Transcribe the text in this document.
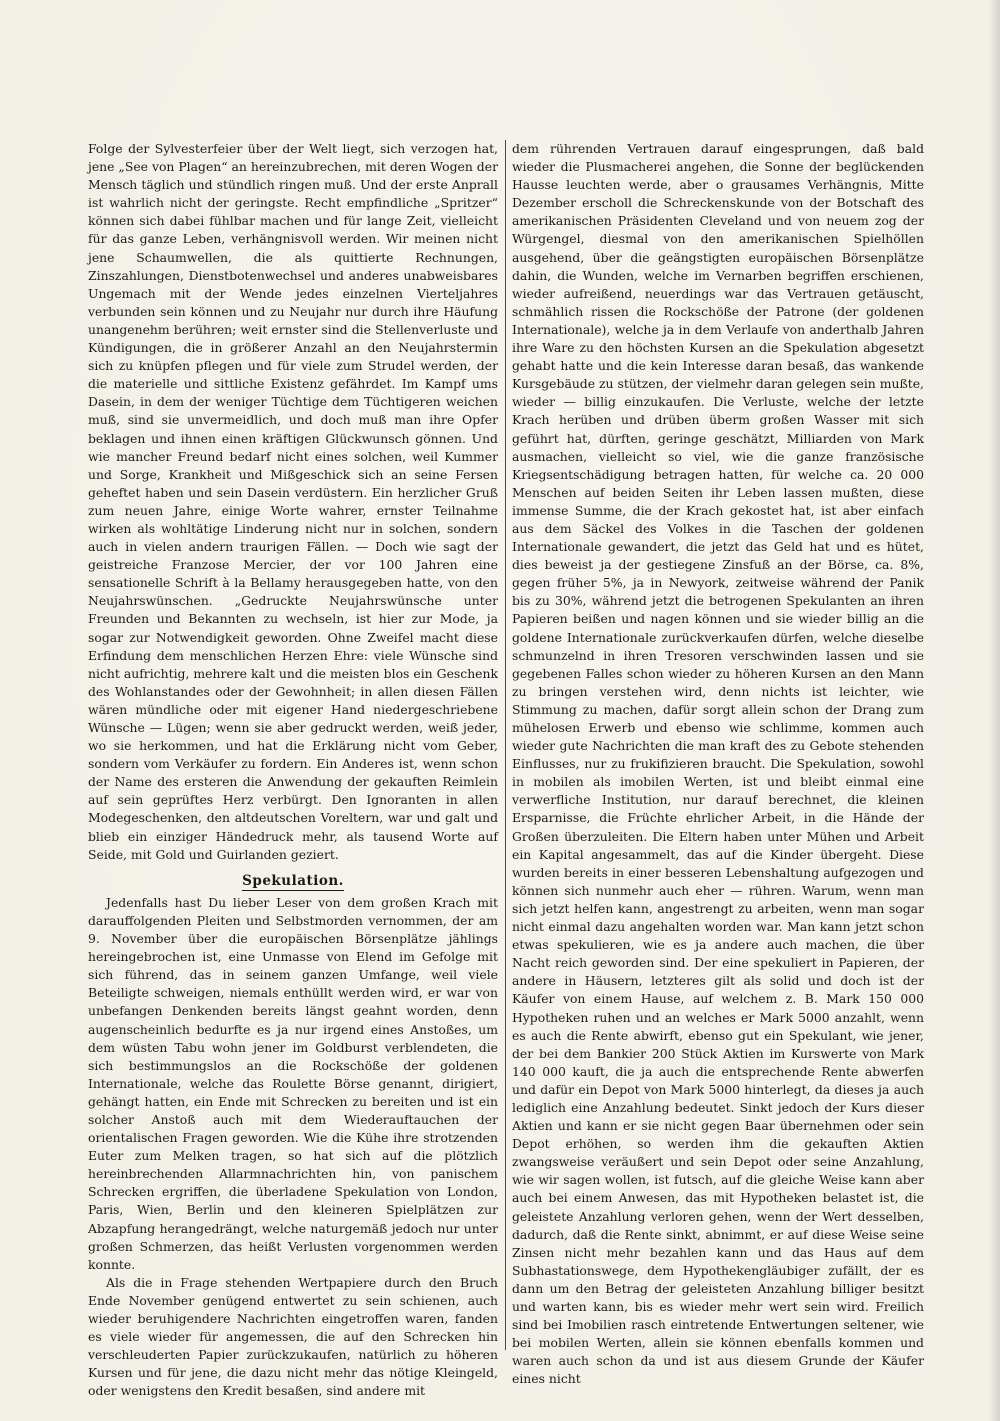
Folge der Sylvesterfeier über der Welt liegt, sich verzogen hat, jene „See von Plagen“ an hereinzubrechen, mit deren Wogen der Mensch täglich und stündlich ringen muß. Und der erste Anprall ist wahrlich nicht der geringste. Recht empfindliche „Spritzer“ können sich dabei fühlbar machen und für lange Zeit, vielleicht für das ganze Leben, verhängnisvoll werden. Wir meinen nicht jene Schaumwellen, die als quittierte Rechnungen, Zinszahlungen, Dienstbotenwechsel und anderes unabweisbares Ungemach mit der Wende jedes einzelnen Vierteljahres verbunden sein können und zu Neujahr nur durch ihre Häufung unangenehm berühren; weit ernster sind die Stellenverluste und Kündigungen, die in größerer Anzahl an den Neujahrstermin sich zu knüpfen pflegen und für viele zum Strudel werden, der die materielle und sittliche Existenz gefährdet. Im Kampf ums Dasein, in dem der weniger Tüchtige dem Tüchtigeren weichen muß, sind sie unvermeidlich, und doch muß man ihre Opfer beklagen und ihnen einen kräftigen Glückwunsch gönnen. Und wie mancher Freund bedarf nicht eines solchen, weil Kummer und Sorge, Krankheit und Mißgeschick sich an seine Fersen geheftet haben und sein Dasein verdüstern. Ein herzlicher Gruß zum neuen Jahre, einige Worte wahrer, ernster Teilnahme wirken als wohltätige Linderung nicht nur in solchen, sondern auch in vielen andern traurigen Fällen. — Doch wie sagt der geistreiche Franzose Mercier, der vor 100 Jahren eine sensationelle Schrift à la Bellamy herausgegeben hatte, von den Neujahrswünschen. „Gedruckte Neujahrswünsche unter Freunden und Bekannten zu wechseln, ist hier zur Mode, ja sogar zur Notwendigkeit geworden. Ohne Zweifel macht diese Erfindung dem menschlichen Herzen Ehre: viele Wünsche sind nicht aufrichtig, mehrere kalt und die meisten blos ein Geschenk des Wohlanstandes oder der Gewohnheit; in allen diesen Fällen wären mündliche oder mit eigener Hand niedergeschriebene Wünsche — Lügen; wenn sie aber gedruckt werden, weiß jeder, wo sie herkommen, und hat die Erklärung nicht vom Geber, sondern vom Verkäufer zu fordern. Ein Anderes ist, wenn schon der Name des ersteren die Anwendung der gekauften Reimlein auf sein geprüftes Herz verbürgt. Den Ignoranten in allen Modegeschenken, den altdeutschen Voreltern, war und galt und blieb ein einziger Händedruck mehr, als tausend Worte auf Seide, mit Gold und Guirlanden geziert.

Spekulation.

Jedenfalls hast Du lieber Leser von dem großen Krach mit darauffolgenden Pleiten und Selbstmorden vernommen, der am 9. November über die europäischen Börsenplätze jählings hereingebrochen ist, eine Unmasse von Elend im Gefolge mit sich führend, das in seinem ganzen Umfange, weil viele Beteiligte schweigen, niemals enthüllt werden wird, er war von unbefangen Denkenden bereits längst geahnt worden, denn augenscheinlich bedurfte es ja nur irgend eines Anstoßes, um dem wüsten Tabu wohn jener im Goldburst verblendeten, die sich bestimmungslos an die Rockschöße der goldenen Internationale, welche das Roulette Börse genannt, dirigiert, gehängt hatten, ein Ende mit Schrecken zu bereiten und ist ein solcher Anstoß auch mit dem Wiederauftauchen der orientalischen Fragen geworden. Wie die Kühe ihre strotzenden Euter zum Melken tragen, so hat sich auf die plötzlich hereinbrechenden Allarmnachrichten hin, von panischem Schrecken ergriffen, die überladene Spekulation von London, Paris, Wien, Berlin und den kleineren Spielplätzen zur Abzapfung herangedrängt, welche naturgemäß jedoch nur unter großen Schmerzen, das heißt Verlusten vorgenommen werden konnte.

Als die in Frage stehenden Wertpapiere durch den Bruch Ende November genügend entwertet zu sein schienen, auch wieder beruhigendere Nachrichten eingetroffen waren, fanden es viele wieder für angemessen, die auf den Schrecken hin verschleuderten Papier zurückzukaufen, natürlich zu höheren Kursen und für jene, die dazu nicht mehr das nötige Kleingeld, oder wenigstens den Kredit besaßen, sind andere mit

dem rührenden Vertrauen darauf eingesprungen, daß bald wieder die Plusmacherei angehen, die Sonne der beglückenden Hausse leuchten werde, aber o grausames Verhängnis, Mitte Dezember erscholl die Schreckenskunde von der Botschaft des amerikanischen Präsidenten Cleveland und von neuem zog der Würgengel, diesmal von den amerikanischen Spielhöllen ausgehend, über die geängstigten europäischen Börsenplätze dahin, die Wunden, welche im Vernarben begriffen erschienen, wieder aufreißend, neuerdings war das Vertrauen getäuscht, schmählich rissen die Rockschöße der Patrone (der goldenen Internationale), welche ja in dem Verlaufe von anderthalb Jahren ihre Ware zu den höchsten Kursen an die Spekulation abgesetzt gehabt hatte und die kein Interesse daran besaß, das wankende Kursgebäude zu stützen, der vielmehr daran gelegen sein mußte, wieder — billig einzukaufen. Die Verluste, welche der letzte Krach herüben und drüben überm großen Wasser mit sich geführt hat, dürften, geringe geschätzt, Milliarden von Mark ausmachen, vielleicht so viel, wie die ganze französische Kriegsentschädigung betragen hatten, für welche ca. 20 000 Menschen auf beiden Seiten ihr Leben lassen mußten, diese immense Summe, die der Krach gekostet hat, ist aber einfach aus dem Säckel des Volkes in die Taschen der goldenen Internationale gewandert, die jetzt das Geld hat und es hütet, dies beweist ja der gestiegene Zinsfuß an der Börse, ca. 8%, gegen früher 5%, ja in Newyork, zeitweise während der Panik bis zu 30%, während jetzt die betrogenen Spekulanten an ihren Papieren beißen und nagen können und sie wieder billig an die goldene Internationale zurückverkaufen dürfen, welche dieselbe schmunzelnd in ihren Tresoren verschwinden lassen und sie gegebenen Falles schon wieder zu höheren Kursen an den Mann zu bringen verstehen wird, denn nichts ist leichter, wie Stimmung zu machen, dafür sorgt allein schon der Drang zum mühelosen Erwerb und ebenso wie schlimme, kommen auch wieder gute Nachrichten die man kraft des zu Gebote stehenden Einflusses, nur zu frukifizieren braucht. Die Spekulation, sowohl in mobilen als imobilen Werten, ist und bleibt einmal eine verwerfliche Institution, nur darauf berechnet, die kleinen Ersparnisse, die Früchte ehrlicher Arbeit, in die Hände der Großen überzuleiten. Die Eltern haben unter Mühen und Arbeit ein Kapital angesammelt, das auf die Kinder übergeht. Diese wurden bereits in einer besseren Lebenshaltung aufgezogen und können sich nunmehr auch eher — rühren. Warum, wenn man sich jetzt helfen kann, angestrengt zu arbeiten, wenn man sogar nicht einmal dazu angehalten worden war. Man kann jetzt schon etwas spekulieren, wie es ja andere auch machen, die über Nacht reich geworden sind. Der eine spekuliert in Papieren, der andere in Häusern, letzteres gilt als solid und doch ist der Käufer von einem Hause, auf welchem z. B. Mark 150 000 Hypotheken ruhen und an welches er Mark 5000 anzahlt, wenn es auch die Rente abwirft, ebenso gut ein Spekulant, wie jener, der bei dem Bankier 200 Stück Aktien im Kurswerte von Mark 140 000 kauft, die ja auch die entsprechende Rente abwerfen und dafür ein Depot von Mark 5000 hinterlegt, da dieses ja auch lediglich eine Anzahlung bedeutet. Sinkt jedoch der Kurs dieser Aktien und kann er sie nicht gegen Baar übernehmen oder sein Depot erhöhen, so werden ihm die gekauften Aktien zwangsweise veräußert und sein Depot oder seine Anzahlung, wie wir sagen wollen, ist futsch, auf die gleiche Weise kann aber auch bei einem Anwesen, das mit Hypotheken belastet ist, die geleistete Anzahlung verloren gehen, wenn der Wert desselben, dadurch, daß die Rente sinkt, abnimmt, er auf diese Weise seine Zinsen nicht mehr bezahlen kann und das Haus auf dem Subhastationswege, dem Hypothekengläubiger zufällt, der es dann um den Betrag der geleisteten Anzahlung billiger besitzt und warten kann, bis es wieder mehr wert sein wird. Freilich sind bei Imobilien rasch eintretende Entwertungen seltener, wie bei mobilen Werten, allein sie können ebenfalls kommen und waren auch schon da und ist aus diesem Grunde der Käufer eines nicht
